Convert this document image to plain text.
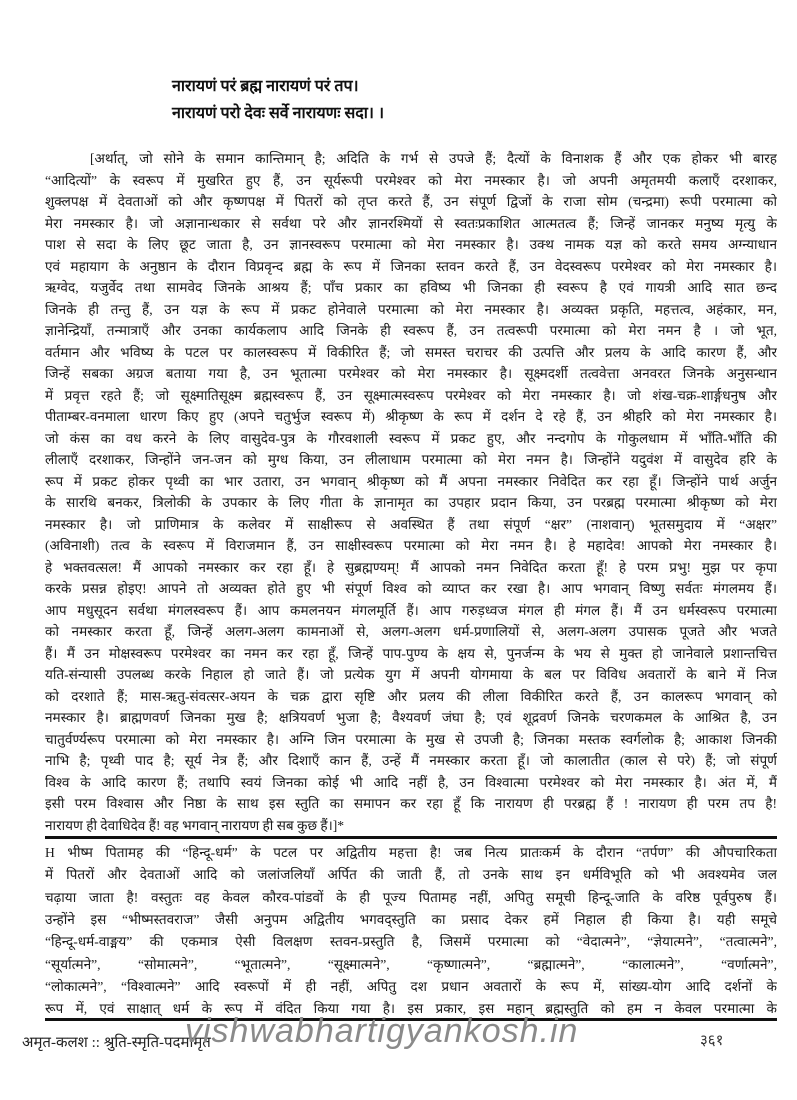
नारायणं परं ब्रह्म नारायणं परं तप।
नारायणं परो देवः सर्वे नारायणः सदा। ।
[अर्थात्, जो सोने के समान कान्तिमान् है; अदिति के गर्भ से उपजे हैं; दैत्यों के विनाशक हैं और एक होकर भी बारह
“आदित्यों” के स्वरूप में मुखरित हुए हैं, उन सूर्यरूपी परमेश्वर को मेरा नमस्कार है। जो अपनी अमृतमयी कलाएँ दरशाकर,
शुक्लपक्ष में देवताओं को और कृष्णपक्ष में पितरों को तृप्त करते हैं, उन संपूर्ण द्विजों के राजा सोम (चन्द्रमा) रूपी परमात्मा को
मेरा नमस्कार है। जो अज्ञानान्धकार से सर्वथा परे और ज्ञानरश्मियों से स्वतःप्रकाशित आत्मतत्व हैं; जिन्हें जानकर मनुष्य मृत्यु के
पाश से सदा के लिए छूट जाता है, उन ज्ञानस्वरूप परमात्मा को मेरा नमस्कार है। उक्थ नामक यज्ञ को करते समय अग्न्याधान
एवं महायाग के अनुष्ठान के दौरान विप्रवृन्द ब्रह्म के रूप में जिनका स्तवन करते हैं, उन वेदस्वरूप परमेश्वर को मेरा नमस्कार है।
ऋग्वेद, यजुर्वेद तथा सामवेद जिनके आश्रय हैं; पाँच प्रकार का हविष्य भी जिनका ही स्वरूप है एवं गायत्री आदि सात छन्द
जिनके ही तन्तु हैं, उन यज्ञ के रूप में प्रकट होनेवाले परमात्मा को मेरा नमस्कार है। अव्यक्त प्रकृति, महत्तत्व, अहंकार, मन,
ज्ञानेन्द्रियाँ, तन्मात्राएँ और उनका कार्यकलाप आदि जिनके ही स्वरूप हैं, उन तत्वरूपी परमात्मा को मेरा नमन है । जो भूत,
वर्तमान और भविष्य के पटल पर कालस्वरूप में विकीरित हैं; जो समस्त चराचर की उत्पत्ति और प्रलय के आदि कारण हैं, और
जिन्हें सबका अग्रज बताया गया है, उन भूतात्मा परमेश्वर को मेरा नमस्कार है। सूक्ष्मदर्शी तत्ववेत्ता अनवरत जिनके अनुसन्धान
में प्रवृत्त रहते हैं; जो सूक्ष्मातिसूक्ष्म ब्रह्मस्वरूप हैं, उन सूक्ष्मात्मस्वरूप परमेश्वर को मेरा नमस्कार है। जो शंख-चक्र-शार्ङ्गधनुष और
पीताम्बर-वनमाला धारण किए हुए (अपने चतुर्भुज स्वरूप में) श्रीकृष्ण के रूप में दर्शन दे रहे हैं, उन श्रीहरि को मेरा नमस्कार है।
जो कंस का वध करने के लिए वासुदेव-पुत्र के गौरवशाली स्वरूप में प्रकट हुए, और नन्दगोप के गोकुलधाम में भाँति-भाँति की
लीलाएँ दरशाकर, जिन्होंने जन-जन को मुग्ध किया, उन लीलाधाम परमात्मा को मेरा नमन है। जिन्होंने यदुवंश में वासुदेव हरि के
रूप में प्रकट होकर पृथ्वी का भार उतारा, उन भगवान् श्रीकृष्ण को मैं अपना नमस्कार निवेदित कर रहा हूँ। जिन्होंने पार्थ अर्जुन
के सारथि बनकर, त्रिलोकी के उपकार के लिए गीता के ज्ञानामृत का उपहार प्रदान किया, उन परब्रह्म परमात्मा श्रीकृष्ण को मेरा
नमस्कार है। जो प्राणिमात्र के कलेवर में साक्षीरूप से अवस्थित हैं तथा संपूर्ण “क्षर” (नाशवान्) भूतसमुदाय में “अक्षर”
(अविनाशी) तत्व के स्वरूप में विराजमान हैं, उन साक्षीस्वरूप परमात्मा को मेरा नमन है। हे महादेव! आपको मेरा नमस्कार है।
हे भक्तवत्सल! मैं आपको नमस्कार कर रहा हूँ। हे सुब्रह्मण्यम्! मैं आपको नमन निवेदित करता हूँ! हे परम प्रभु! मुझ पर कृपा
करके प्रसन्न होइए! आपने तो अव्यक्त होते हुए भी संपूर्ण विश्व को व्याप्त कर रखा है। आप भगवान् विष्णु सर्वतः मंगलमय हैं।
आप मधुसूदन सर्वथा मंगलस्वरूप हैं। आप कमलनयन मंगलमूर्ति हैं। आप गरुड़ध्वज मंगल ही मंगल हैं। मैं उन धर्मस्वरूप परमात्मा
को नमस्कार करता हूँ, जिन्हें अलग-अलग कामनाओं से, अलग-अलग धर्म-प्रणालियों से, अलग-अलग उपासक पूजते और भजते
हैं। मैं उन मोक्षस्वरूप परमेश्वर का नमन कर रहा हूँ, जिन्हें पाप-पुण्य के क्षय से, पुनर्जन्म के भय से मुक्त हो जानेवाले प्रशान्तचित्त
यति-संन्यासी उपलब्ध करके निहाल हो जाते हैं। जो प्रत्येक युग में अपनी योगमाया के बल पर विविध अवतारों के बाने में निज
को दरशाते हैं; मास-ऋतु-संवत्सर-अयन के चक्र द्वारा सृष्टि और प्रलय की लीला विकीरित करते हैं, उन कालरूप भगवान् को
नमस्कार है। ब्राह्मणवर्ण जिनका मुख है; क्षत्रियवर्ण भुजा है; वैश्यवर्ण जंघा है; एवं शूद्रवर्ण जिनके चरणकमल के आश्रित है, उन
चातुर्वर्ण्यरूप परमात्मा को मेरा नमस्कार है। अग्नि जिन परमात्मा के मुख से उपजी है; जिनका मस्तक स्वर्गलोक है; आकाश जिनकी
नाभि है; पृथ्वी पाद है; सूर्य नेत्र हैं; और दिशाएँ कान हैं, उन्हें मैं नमस्कार करता हूँ। जो कालातीत (काल से परे) हैं; जो संपूर्ण
विश्व के आदि कारण हैं; तथापि स्वयं जिनका कोई भी आदि नहीं है, उन विश्वात्मा परमेश्वर को मेरा नमस्कार है। अंत में, मैं
इसी परम विश्वास और निष्ठा के साथ इस स्तुति का समापन कर रहा हूँ कि नारायण ही परब्रह्म हैं ! नारायण ही परम तप है!
नारायण ही देवाधिदेव हैं! वह भगवान् नारायण ही सब कुछ हैं।]*
H भीष्म पितामह की “हिन्दू-धर्म” के पटल पर अद्वितीय महत्ता है! जब नित्य प्रातःकर्म के दौरान “तर्पण” की औपचारिकता
में पितरों और देवताओं आदि को जलांजलियाँ अर्पित की जाती हैं, तो उनके साथ इन धर्मविभूति को भी अवश्यमेव जल
चढ़ाया जाता है! वस्तुतः वह केवल कौरव-पांडवों के ही पूज्य पितामह नहीं, अपितु समूची हिन्दू-जाति के वरिष्ठ पूर्वपुरुष हैं।
उन्होंने इस “भीष्मस्तवराज” जैसी अनुपम अद्वितीय भगवद्स्तुति का प्रसाद देकर हमें निहाल ही किया है। यही समूचे
“हिन्दू-धर्म-वाङ्मय” की एकमात्र ऐसी विलक्षण स्तवन-प्रस्तुति है, जिसमें परमात्मा को “वेदात्मने”, “ज्ञेयात्मने”, “तत्वात्मने”,
“सूर्यात्मने”, “सोमात्मने”, “भूतात्मने”, “सूक्ष्मात्मने”, “कृष्णात्मने”, “ब्रह्मात्मने”, “कालात्मने”, “वर्णात्मने”,
“लोकात्मने”, “विश्वात्मने” आदि स्वरूपों में ही नहीं, अपितु दश प्रधान अवतारों के रूप में, सांख्य-योग आदि दर्शनों के
रूप में, एवं साक्षात् धर्म के रूप में वंदित किया गया है। इस प्रकार, इस महान् ब्रह्मस्तुति को हम न केवल परमात्मा के
अमृत-कलश :: श्रुति-स्मृति-पदमामृत
vishwabhartigyankosh.in	३६१
